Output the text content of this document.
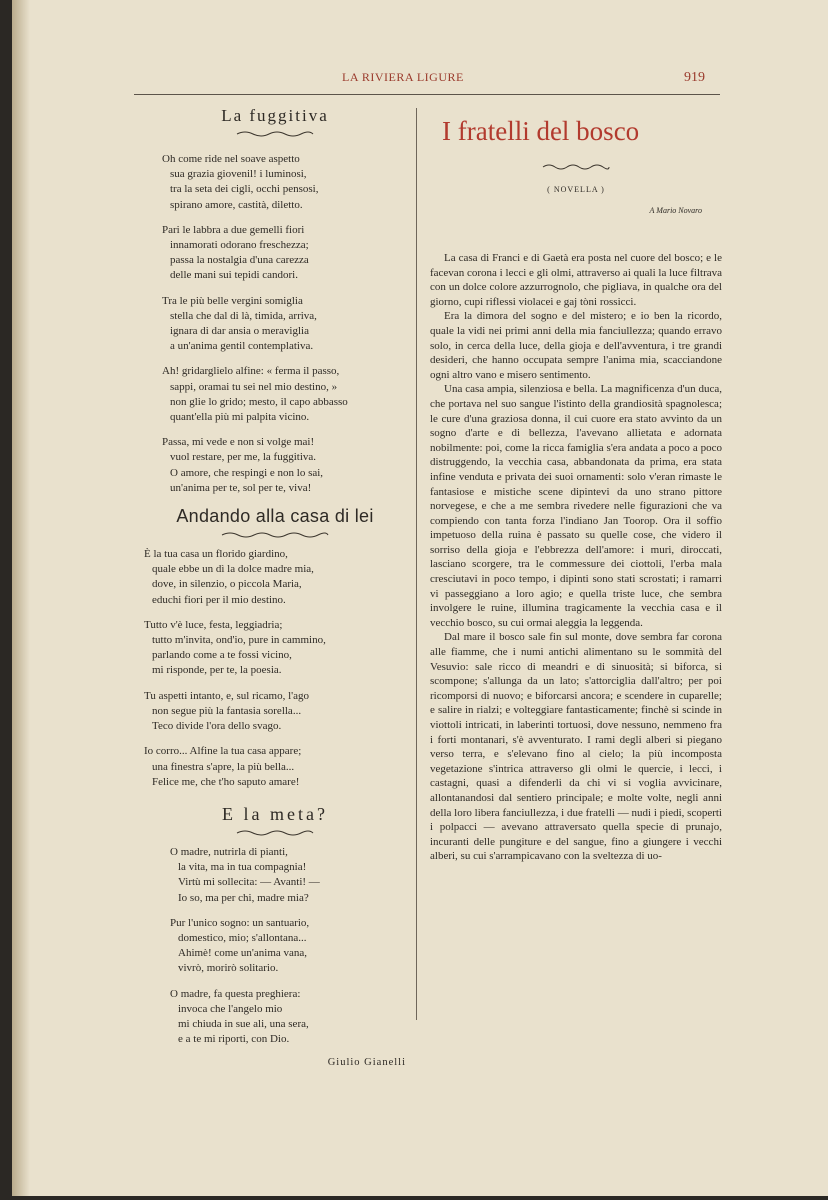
LA RIVIERA LIGURE	919
La fuggitiva
Oh come ride nel soave aspetto
sua grazia giovenil! i luminosi,
tra la seta dei cigli, occhi pensosi,
spirano amore, castità, diletto.
Pari le labbra a due gemelli fiori
innamorati odorano freschezza;
passa la nostalgia d'una carezza
delle mani sui tepidi candori.
Tra le più belle vergini somiglia
stella che dal di là, timida, arriva,
ignara di dar ansia o meraviglia
a un'anima gentil contemplativa.
Ah! gridarglielo alfine: « ferma il passo,
sappi, oramai tu sei nel mio destino, »
non glie lo grido; mesto, il capo abbasso
quant'ella più mi palpita vicino.
Passa, mi vede e non si volge mai!
vuol restare, per me, la fuggitiva.
O amore, che respingi e non lo sai,
un'anima per te, sol per te, viva!
Andando alla casa di lei
È la tua casa un florido giardino,
quale ebbe un dì la dolce madre mia,
dove, in silenzio, o piccola Maria,
educhi fiori per il mio destino.
Tutto v'è luce, festa, leggiadria;
tutto m'invita, ond'io, pure in cammino,
parlando come a te fossi vicino,
mi risponde, per te, la poesia.
Tu aspetti intanto, e, sul ricamo, l'ago
non segue più la fantasia sorella...
Teco divide l'ora dello svago.
Io corro... Alfine la tua casa appare;
una finestra s'apre, la più bella...
Felice me, che t'ho saputo amare!
E la meta?
O madre, nutrirla di pianti,
la vita, ma in tua compagnia!
Virtù mi sollecita: — Avanti! —
Io so, ma per chi, madre mia?
Pur l'unico sogno: un santuario,
domestico, mio; s'allontana...
Ahimè! come un'anima vana,
vivrò, morirò solitario.
O madre, fa questa preghiera:
invoca che l'angelo mio
mi chiuda in sue ali, una sera,
e a te mi riporti, con Dio.
Giulio Gianelli
I fratelli del bosco
( NOVELLA )
A Mario Novaro

La casa di Franci e di Gaetà era posta nel cuore del bosco; e le facevan corona i lecci e gli olmi, attraverso ai quali la luce filtrava con un dolce colore azzurrognolo, che pigliava, in qualche ora del giorno, cupi riflessi violacei e gaj tòni rossicci.

Era la dimora del sogno e del mistero; e io ben la ricordo, quale la vidi nei primi anni della mia fanciullezza; quando erravo solo, in cerca della luce, della gioja e dell'avventura, i tre grandi desideri, che hanno occupata sempre l'anima mia, scacciandone ogni altro vano e misero sentimento.

Una casa ampia, silenziosa e bella. La magnificenza d'un duca, che portava nel suo sangue l'istinto della grandiosità spagnolesca; le cure d'una graziosa donna, il cui cuore era stato avvinto da un sogno d'arte e di bellezza, l'avevano allietata e adornata nobilmente: poi, come la ricca famiglia s'era andata a poco a poco distruggendo, la vecchia casa, abbandonata da prima, era stata infine venduta e privata dei suoi ornamenti: solo v'eran rimaste le fantasiose e mistiche scene dipintevi da uno strano pittore norvegese, e che a me sembra rivedere nelle figurazioni che va compiendo con tanta forza l'indiano Jan Toorop. Ora il soffio impetuoso della ruina è passato su quelle cose, che videro il sorriso della gioja e l'ebbrezza dell'amore: i muri, diroccati, lasciano scorgere, tra le commessure dei ciottoli, l'erba mala cresciutavi in poco tempo, i dipinti sono stati scrostati; i ramarri vi passeggiano a loro agio; e quella triste luce, che sembra involgere le ruine, illumina tragicamente la vecchia casa e il vecchio bosco, su cui ormai aleggia la leggenda.

Dal mare il bosco sale fin sul monte, dove sembra far corona alle fiamme, che i numi antichi alimentano su le sommità del Vesuvio: sale ricco di meandri e di sinuosità; si biforca, si scompone; s'allunga da un lato; s'attorciglia dall'altro; per poi ricomporsi di nuovo; e biforcarsi ancora; e scendere in cuparelle; e salire in rialzi; e volteggiare fantasticamente; finchè si scinde in viottoli intricati, in laberinti tortuosi, dove nessuno, nemmeno fra i forti montanari, s'è avventurato. I rami degli alberi si piegano verso terra, e s'elevano fino al cielo; la più incomposta vegetazione s'intrica attraverso gli olmi le quercie, i lecci, i castagni, quasi a difenderli da chi vi si voglia avvicinare, allontanandosi dal sentiero principale; e molte volte, negli anni della loro libera fanciullezza, i due fratelli — nudi i piedi, scoperti i polpacci — avevano attraversato quella specie di prunajo, incuranti delle pungiture e del sangue, fino a giungere i vecchi alberi, su cui s'arrampicavano con la sveltezza di uo-
